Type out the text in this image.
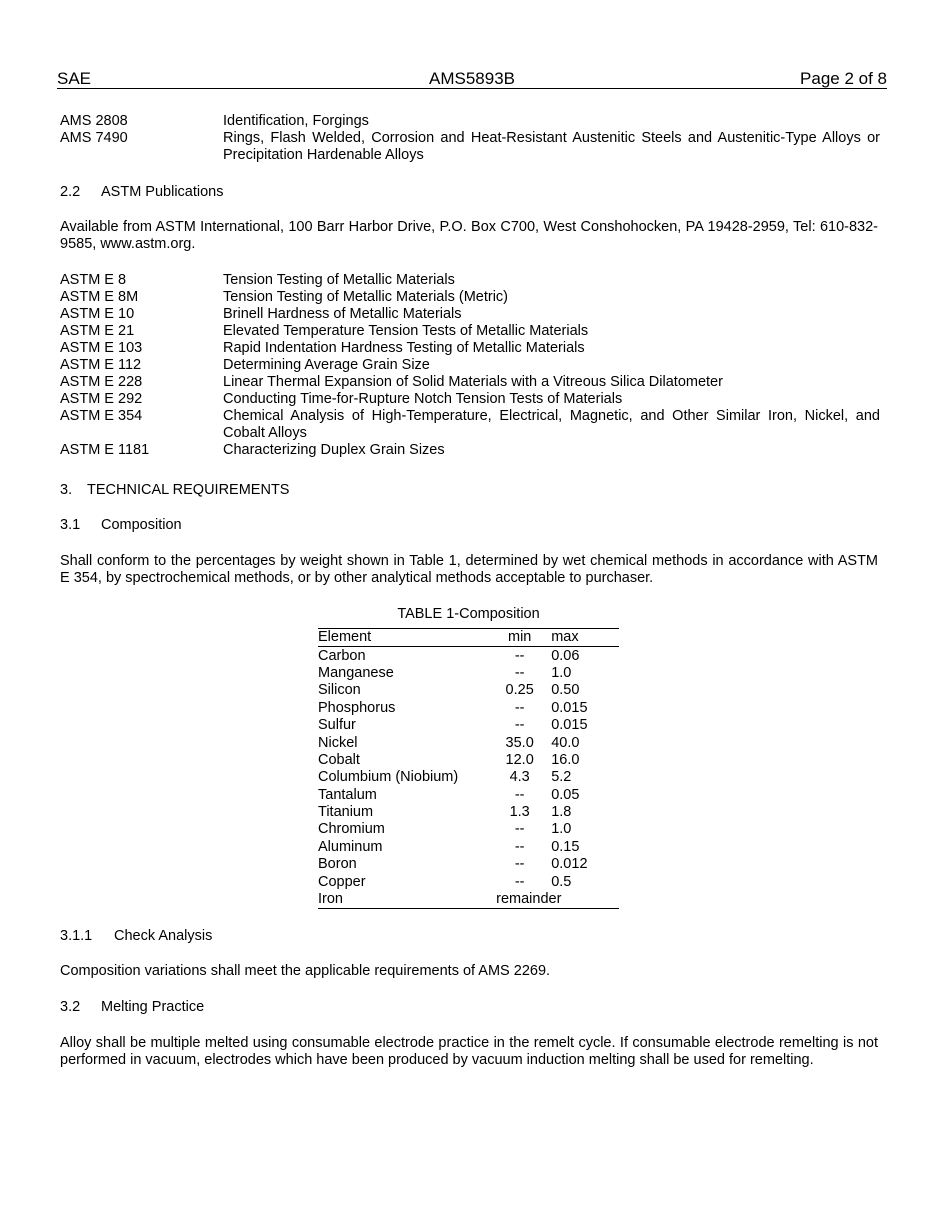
SAE	AMS5893B	Page 2 of 8
AMS 2808	Identification, Forgings
AMS 7490	Rings, Flash Welded, Corrosion and Heat-Resistant Austenitic Steels and Austenitic-Type Alloys or Precipitation Hardenable Alloys
2.2 ASTM Publications
Available from ASTM International, 100 Barr Harbor Drive, P.O. Box C700, West Conshohocken, PA 19428-2959, Tel: 610-832-9585, www.astm.org.
ASTM E 8	Tension Testing of Metallic Materials
ASTM E 8M	Tension Testing of Metallic Materials (Metric)
ASTM E 10	Brinell Hardness of Metallic Materials
ASTM E 21	Elevated Temperature Tension Tests of Metallic Materials
ASTM E 103	Rapid Indentation Hardness Testing of Metallic Materials
ASTM E 112	Determining Average Grain Size
ASTM E 228	Linear Thermal Expansion of Solid Materials with a Vitreous Silica Dilatometer
ASTM E 292	Conducting Time-for-Rupture Notch Tension Tests of Materials
ASTM E 354	Chemical Analysis of High-Temperature, Electrical, Magnetic, and Other Similar Iron, Nickel, and Cobalt Alloys
ASTM E 1181	Characterizing Duplex Grain Sizes
3. TECHNICAL REQUIREMENTS
3.1 Composition
Shall conform to the percentages by weight shown in Table 1, determined by wet chemical methods in accordance with ASTM E 354, by spectrochemical methods, or by other analytical methods acceptable to purchaser.
TABLE 1-Composition
Element	min	max
Carbon	--	0.06
Manganese	--	1.0
Silicon	0.25	0.50
Phosphorus	--	0.015
Sulfur	--	0.015
Nickel	35.0	40.0
Cobalt	12.0	16.0
Columbium (Niobium)	4.3	5.2
Tantalum	--	0.05
Titanium	1.3	1.8
Chromium	--	1.0
Aluminum	--	0.15
Boron	--	0.012
Copper	--	0.5
Iron	remainder	
3.1.1 Check Analysis
Composition variations shall meet the applicable requirements of AMS 2269.
3.2 Melting Practice
Alloy shall be multiple melted using consumable electrode practice in the remelt cycle. If consumable electrode remelting is not performed in vacuum, electrodes which have been produced by vacuum induction melting shall be used for remelting.
